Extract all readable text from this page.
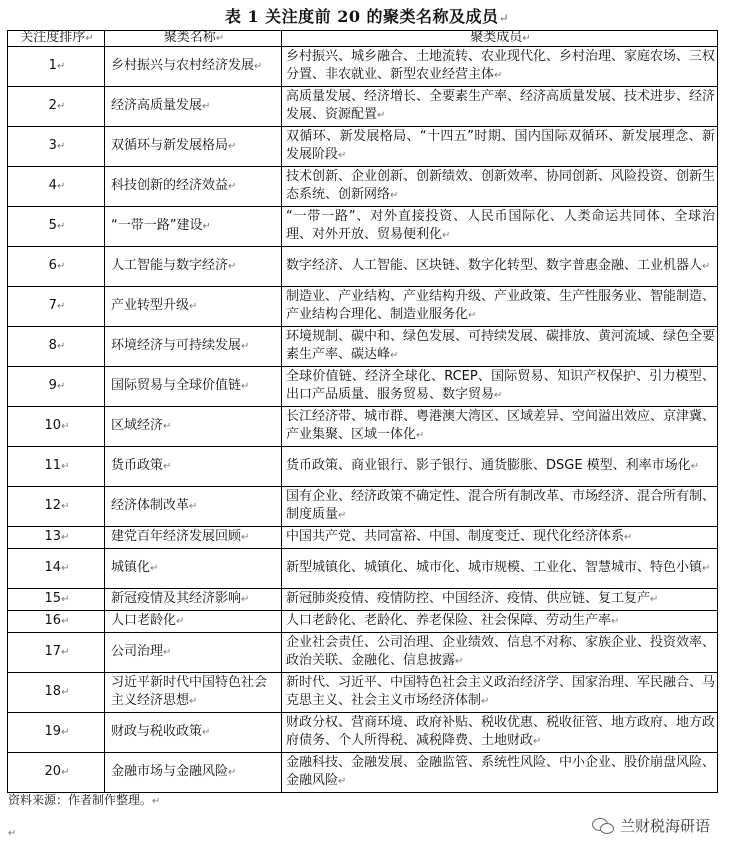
表 1 关注度前 20 的聚类名称及成员↵
关注度排序↵	聚类名称↵	聚类成员↵
1↵	乡村振兴与农村经济发展↵	乡村振兴、城乡融合、土地流转、农业现代化、乡村治理、家庭农场、三权分置、非农就业、新型农业经营主体↵
2↵	经济高质量发展↵	高质量发展、经济增长、全要素生产率、经济高质量发展、技术进步、经济发展、资源配置↵
3↵	双循环与新发展格局↵	双循环、新发展格局、“十四五”时期、国内国际双循环、新发展理念、新发展阶段↵
4↵	科技创新的经济效益↵	技术创新、企业创新、创新绩效、创新效率、协同创新、风险投资、创新生态系统、创新网络↵
5↵	“一带一路”建设↵	“一带一路”、对外直接投资、人民币国际化、人类命运共同体、全球治理、对外开放、贸易便利化↵
6↵	人工智能与数字经济↵	数字经济、人工智能、区块链、数字化转型、数字普惠金融、工业机器人↵
7↵	产业转型升级↵	制造业、产业结构、产业结构升级、产业政策、生产性服务业、智能制造、产业结构合理化、制造业服务化↵
8↵	环境经济与可持续发展↵	环境规制、碳中和、绿色发展、可持续发展、碳排放、黄河流域、绿色全要素生产率、碳达峰↵
9↵	国际贸易与全球价值链↵	全球价值链、经济全球化、RCEP、国际贸易、知识产权保护、引力模型、出口产品质量、服务贸易、数字贸易↵
10↵	区域经济↵	长江经济带、城市群、粤港澳大湾区、区域差异、空间溢出效应、京津冀、产业集聚、区域一体化↵
11↵	货币政策↵	货币政策、商业银行、影子银行、通货膨胀、DSGE 模型、利率市场化↵
12↵	经济体制改革↵	国有企业、经济政策不确定性、混合所有制改革、市场经济、混合所有制、制度质量↵
13↵	建党百年经济发展回顾↵	中国共产党、共同富裕、中国、制度变迁、现代化经济体系↵
14↵	城镇化↵	新型城镇化、城镇化、城市化、城市规模、工业化、智慧城市、特色小镇↵
15↵	新冠疫情及其经济影响↵	新冠肺炎疫情、疫情防控、中国经济、疫情、供应链、复工复产↵
16↵	人口老龄化↵	人口老龄化、老龄化、养老保险、社会保障、劳动生产率↵
17↵	公司治理↵	企业社会责任、公司治理、企业绩效、信息不对称、家族企业、投资效率、政治关联、金融化、信息披露↵
18↵	习近平新时代中国特色社会主义经济思想↵	新时代、习近平、中国特色社会主义政治经济学、国家治理、军民融合、马克思主义、社会主义市场经济体制↵
19↵	财政与税收政策↵	财政分权、营商环境、政府补贴、税收优惠、税收征管、地方政府、地方政府债务、个人所得税、减税降费、土地财政↵
20↵	金融市场与金融风险↵	金融科技、金融发展、金融监管、系统性风险、中小企业、股价崩盘风险、金融风险↵
资料来源：作者制作整理。↵
↵	兰财税海研语
